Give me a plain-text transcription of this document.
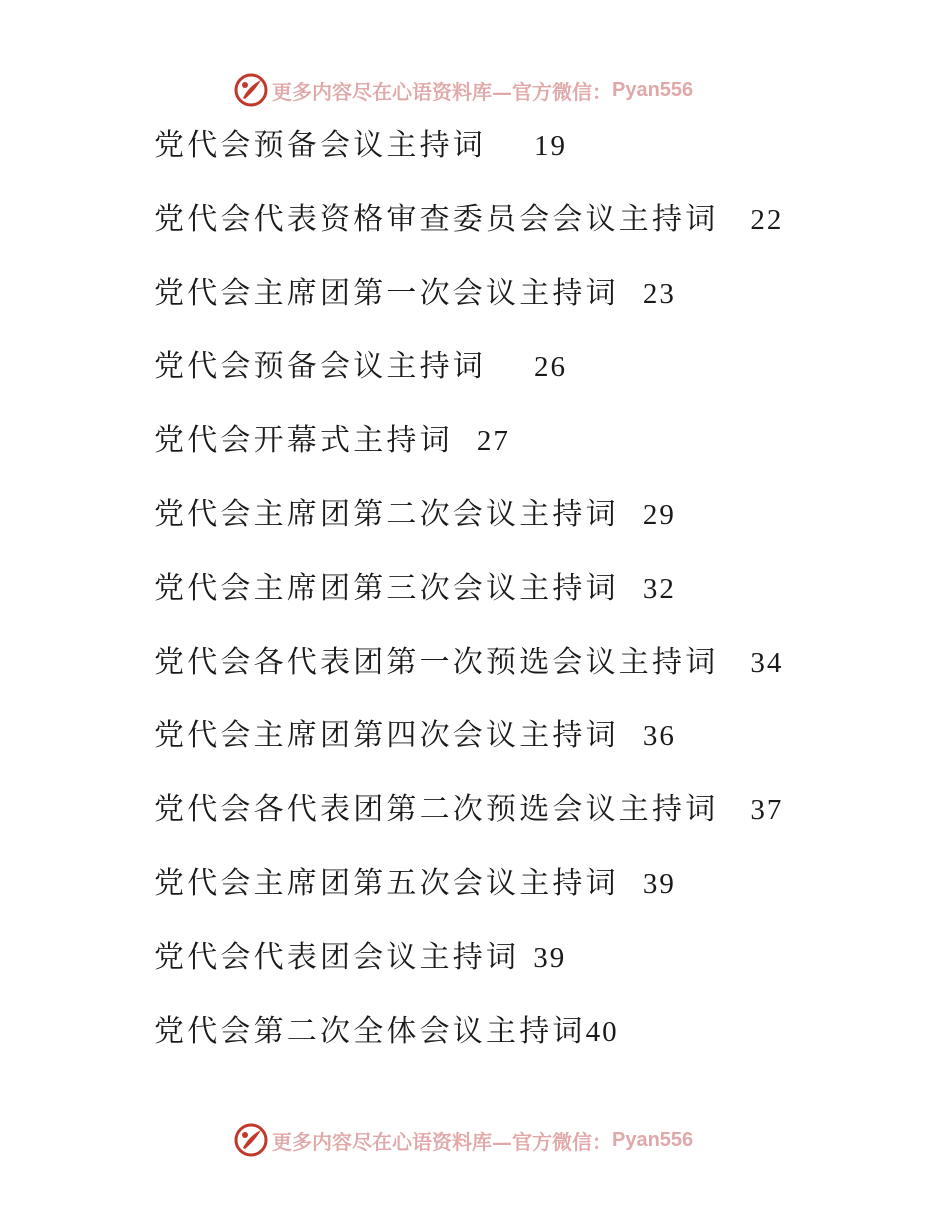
更多内容尽在心语资料库—官方微信： Pyan556
党代会预备会议主持词 19
党代会代表资格审查委员会会议主持词 22
党代会主席团第一次会议主持词 23
党代会预备会议主持词 26
党代会开幕式主持词 27
党代会主席团第二次会议主持词 29
党代会主席团第三次会议主持词 32
党代会各代表团第一次预选会议主持词 34
党代会主席团第四次会议主持词 36
党代会各代表团第二次预选会议主持词 37
党代会主席团第五次会议主持词 39
党代会代表团会议主持词 39
党代会第二次全体会议主持词40
更多内容尽在心语资料库—官方微信： Pyan556
